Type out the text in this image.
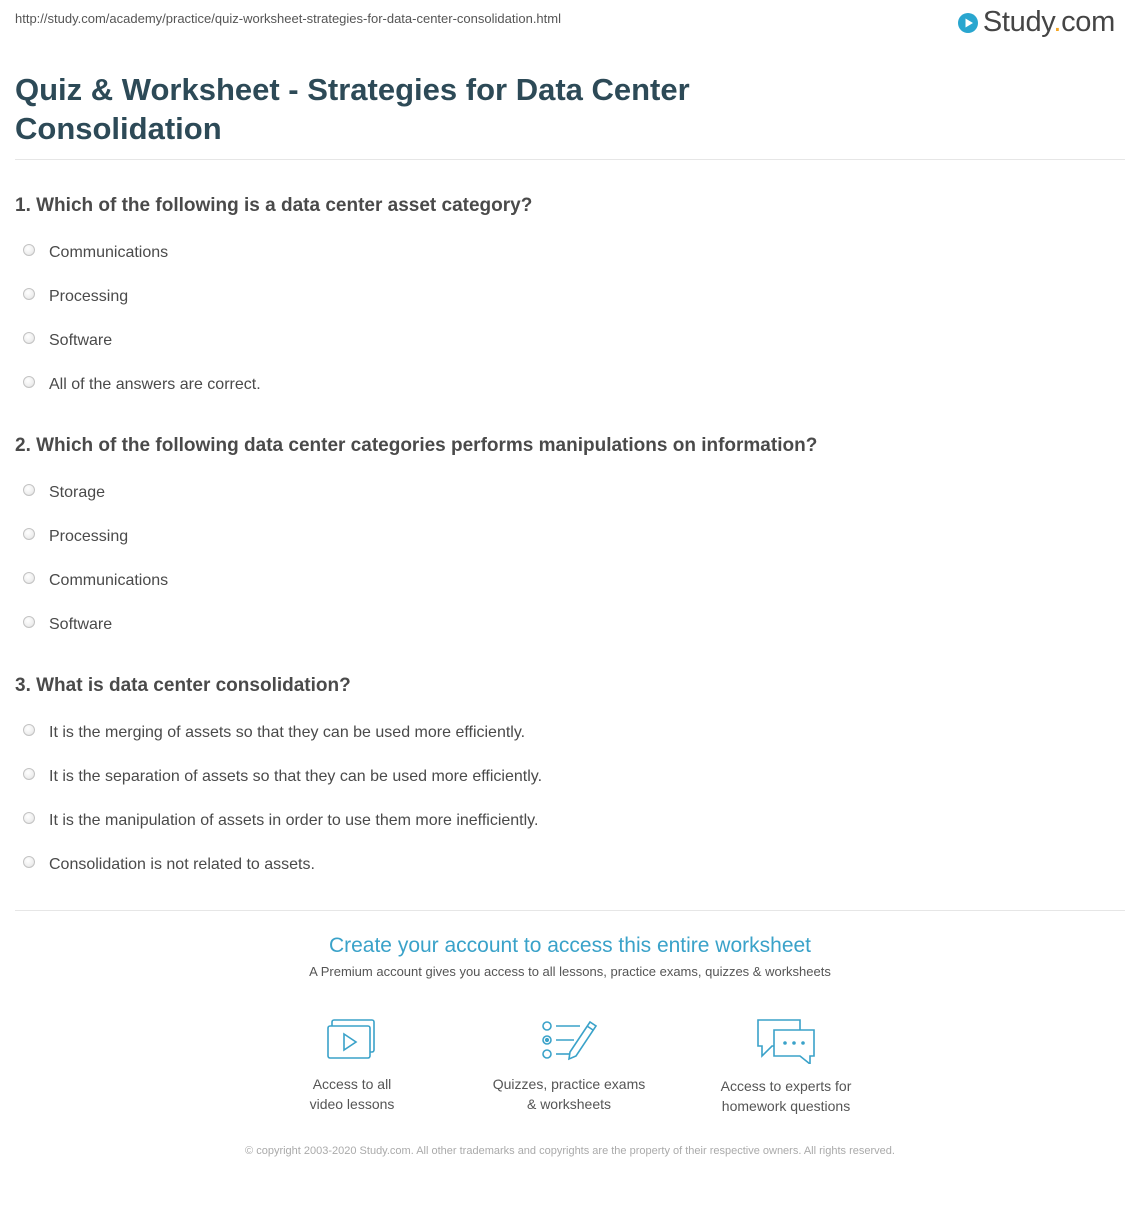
http://study.com/academy/practice/quiz-worksheet-strategies-for-data-center-consolidation.html	Study.com
Quiz & Worksheet - Strategies for Data Center Consolidation
1. Which of the following is a data center asset category?
Communications
Processing
Software
All of the answers are correct.
2. Which of the following data center categories performs manipulations on information?
Storage
Processing
Communications
Software
3. What is data center consolidation?
It is the merging of assets so that they can be used more efficiently.
It is the separation of assets so that they can be used more efficiently.
It is the manipulation of assets in order to use them more inefficiently.
Consolidation is not related to assets.
Create your account to access this entire worksheet
A Premium account gives you access to all lessons, practice exams, quizzes & worksheets
Access to all
video lessons
Quizzes, practice exams
& worksheets
Access to experts for
homework questions
© copyright 2003-2020 Study.com. All other trademarks and copyrights are the property of their respective owners. All rights reserved.
